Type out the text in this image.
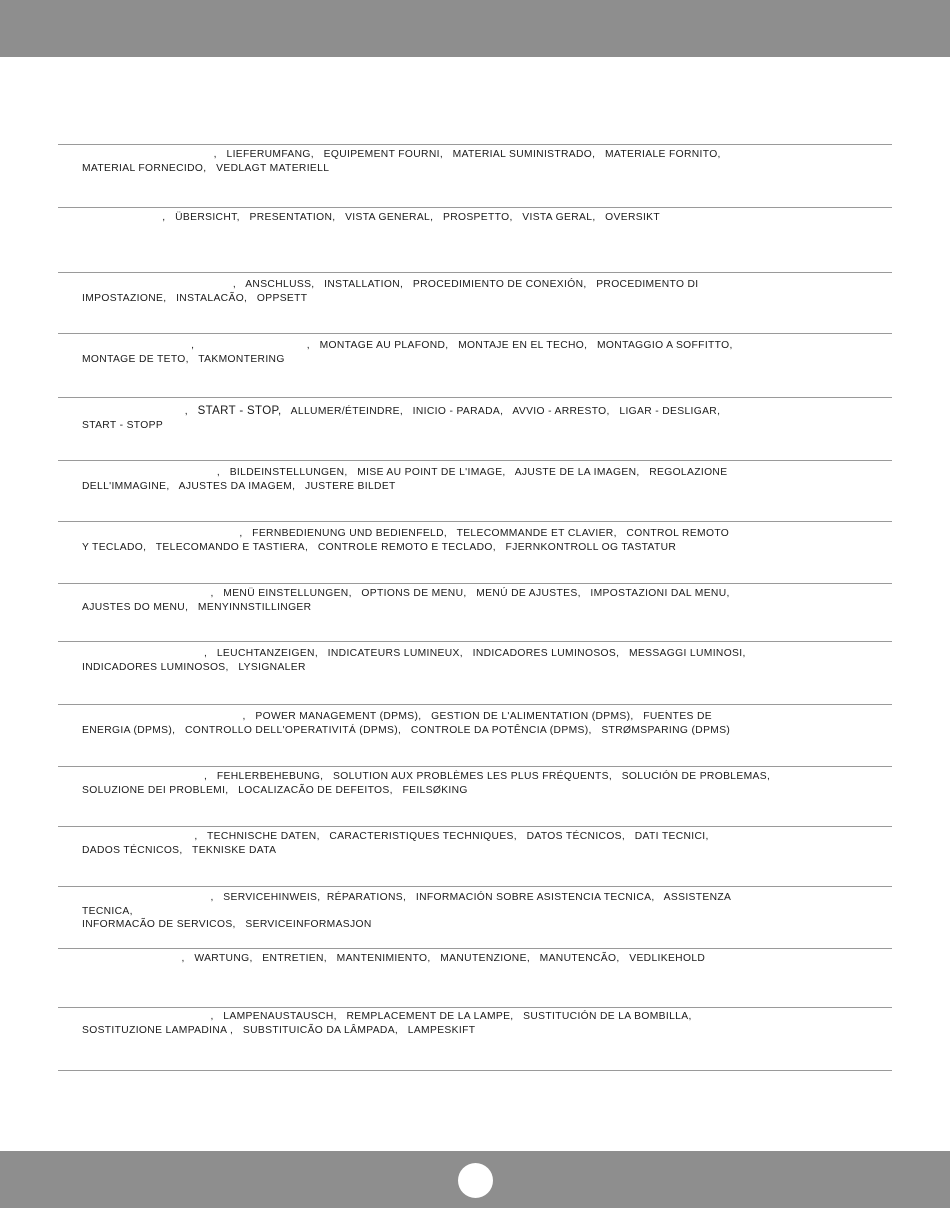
,   LIEFERUMFANG,   EQUIPEMENT FOURNI,   MATERIAL SUMINISTRADO,   MATERIALE FORNITO,
MATERIAL FORNECIDO,   VEDLAGT MATERIELL
,   ÜBERSICHT,   PRESENTATION,   VISTA GENERAL,   PROSPETTO,   VISTA GERAL,   OVERSIKT

,   ANSCHLUSS,   INSTALLATION,   PROCEDIMIENTO DE CONEXIÓN,   PROCEDIMENTO DI
IMPOSTAZIONE,   INSTALACÃO,   OPPSETT
,                                   ,   MONTAGE AU PLAFOND,   MONTAJE EN EL TECHO,   MONTAGGIO A SOFFITTO,
MONTAGE DE TETO,   TAKMONTERING
,   START - STOP,   ALLUMER/ÉTEINDRE,   INICIO - PARADA,   AVVIO - ARRESTO,   LIGAR - DESLIGAR,
START - STOPP
,   BILDEINSTELLUNGEN,   MISE AU POINT DE L'IMAGE,   AJUSTE DE LA IMAGEN,   REGOLAZIONE
DELL'IMMAGINE,   AJUSTES DA IMAGEM,   JUSTERE BILDET
,   FERNBEDIENUNG UND BEDIENFELD,   TELECOMMANDE ET CLAVIER,   CONTROL REMOTO
Y TECLADO,   TELECOMANDO E TASTIERA,   CONTROLE REMOTO E TECLADO,   FJERNKONTROLL OG TASTATUR
,   MENÜ EINSTELLUNGEN,   OPTIONS DE MENU,   MENÚ DE AJUSTES,   IMPOSTAZIONI DAL MENU,
AJUSTES DO MENU,   MENYINNSTILLINGER
,   LEUCHTANZEIGEN,   INDICATEURS LUMINEUX,   INDICADORES LUMINOSOS,   MESSAGGI LUMINOSI,
INDICADORES LUMINOSOS,   LYSIGNALER
,   POWER MANAGEMENT (DPMS),   GESTION DE L'ALIMENTATION (DPMS),   FUENTES DE
ENERGIA (DPMS),   CONTROLLO DELL'OPERATIVITÁ (DPMS),   CONTROLE DA POTÊNCIA (DPMS),   STRØMSPARING (DPMS)
,   FEHLERBEHEBUNG,   SOLUTION AUX PROBLÈMES LES PLUS FRÉQUENTS,   SOLUCIÓN DE PROBLEMAS,
SOLUZIONE DEI PROBLEMI,   LOCALIZACÃO DE DEFEITOS,   FEILSØKING
,   TECHNISCHE DATEN,   CARACTERISTIQUES TECHNIQUES,   DATOS TÉCNICOS,   DATI TECNICI,
DADOS TÉCNICOS,   TEKNISKE DATA
,   SERVICEHINWEIS,  RÉPARATIONS,   INFORMACIÓN SOBRE ASISTENCIA TECNICA,   ASSISTENZA TECNICA,
INFORMACÃO DE SERVICOS,   SERVICEINFORMASJON
,   WARTUNG,   ENTRETIEN,   MANTENIMIENTO,   MANUTENZIONE,   MANUTENCÃO,   VEDLIKEHOLD

,   LAMPENAUSTAUSCH,   REMPLACEMENT DE LA LAMPE,   SUSTITUCIÓN DE LA BOMBILLA,
SOSTITUZIONE LAMPADINA ,   SUBSTITUICÃO DA LÂMPADA,   LAMPESKIFT
